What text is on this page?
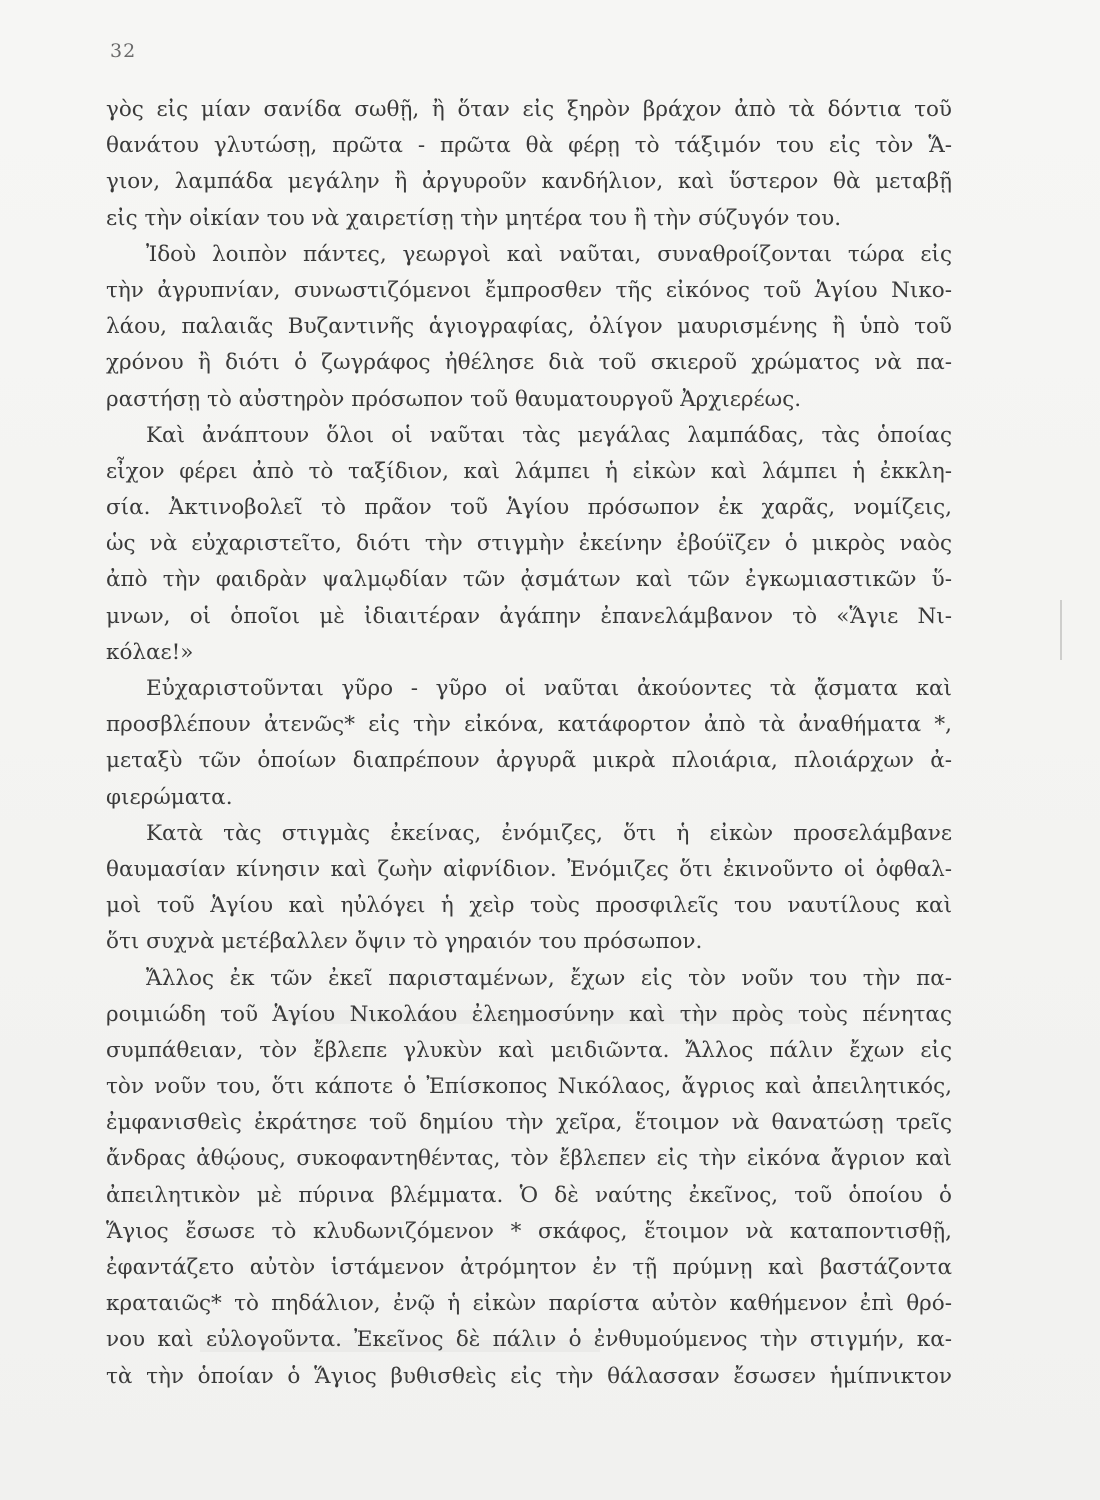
32
γὸς εἰς μίαν σανίδα σωθῇ, ἢ ὅταν εἰς ξηρὸν βράχον ἀπὸ τὰ δόντια τοῦ
θανάτου γλυτώσῃ, πρῶτα - πρῶτα θὰ φέρῃ τὸ τάξιμόν του εἰς τὸν Ἅ-
γιον, λαμπάδα μεγάλην ἢ ἀργυροῦν κανδήλιον, καὶ ὕστερον θὰ μεταβῇ
εἰς τὴν οἰκίαν του νὰ χαιρετίσῃ τὴν μητέρα του ἢ τὴν σύζυγόν του.
Ἰδοὺ λοιπὸν πάντες, γεωργοὶ καὶ ναῦται, συναθροίζονται τώρα εἰς
τὴν ἀγρυπνίαν, συνωστιζόμενοι ἔμπροσθεν τῆς εἰκόνος τοῦ Ἁγίου Νικο-
λάου, παλαιᾶς Βυζαντινῆς ἁγιογραφίας, ὀλίγον μαυρισμένης ἢ ὑπὸ τοῦ
χρόνου ἢ διότι ὁ ζωγράφος ἠθέλησε διὰ τοῦ σκιεροῦ χρώματος νὰ πα-
ραστήσῃ τὸ αὐστηρὸν πρόσωπον τοῦ θαυματουργοῦ Ἀρχιερέως.
Καὶ ἀνάπτουν ὅλοι οἱ ναῦται τὰς μεγάλας λαμπάδας, τὰς ὁποίας
εἶχον φέρει ἀπὸ τὸ ταξίδιον, καὶ λάμπει ἡ εἰκὼν καὶ λάμπει ἡ ἐκκλη-
σία. Ἀκτινοβολεῖ τὸ πρᾶον τοῦ Ἁγίου πρόσωπον ἐκ χαρᾶς, νομίζεις,
ὡς νὰ εὐχαριστεῖτο, διότι τὴν στιγμὴν ἐκείνην ἐβούϊζεν ὁ μικρὸς ναὸς
ἀπὸ τὴν φαιδρὰν ψαλμῳδίαν τῶν ᾀσμάτων καὶ τῶν ἐγκωμιαστικῶν ὕ-
μνων, οἱ ὁποῖοι μὲ ἰδιαιτέραν ἀγάπην ἐπανελάμβανον τὸ «Ἅγιε Νι-
κόλαε!»
Εὐχαριστοῦνται γῦρο - γῦρο οἱ ναῦται ἀκούοντες τὰ ᾄσματα καὶ
προσβλέπουν ἀτενῶς* εἰς τὴν εἰκόνα, κατάφορτον ἀπὸ τὰ ἀναθήματα *,
μεταξὺ τῶν ὁποίων διαπρέπουν ἀργυρᾶ μικρὰ πλοιάρια, πλοιάρχων ἀ-
φιερώματα.
Κατὰ τὰς στιγμὰς ἐκείνας, ἐνόμιζες, ὅτι ἡ εἰκὼν προσελάμβανε
θαυμασίαν κίνησιν καὶ ζωὴν αἰφνίδιον. Ἐνόμιζες ὅτι ἐκινοῦντο οἱ ὀφθαλ-
μοὶ τοῦ Ἁγίου καὶ ηὐλόγει ἡ χεὶρ τοὺς προσφιλεῖς του ναυτίλους καὶ
ὅτι συχνὰ μετέβαλλεν ὄψιν τὸ γηραιόν του πρόσωπον.
Ἄλλος ἐκ τῶν ἐκεῖ παρισταμένων, ἔχων εἰς τὸν νοῦν του τὴν πα-
ροιμιώδη τοῦ Ἁγίου Νικολάου ἐλεημοσύνην καὶ τὴν πρὸς τοὺς πένητας
συμπάθειαν, τὸν ἔβλεπε γλυκὺν καὶ μειδιῶντα. Ἄλλος πάλιν ἔχων εἰς
τὸν νοῦν του, ὅτι κάποτε ὁ Ἐπίσκοπος Νικόλαος, ἄγριος καὶ ἀπειλητικός,
ἐμφανισθεὶς ἐκράτησε τοῦ δημίου τὴν χεῖρα, ἕτοιμον νὰ θανατώσῃ τρεῖς
ἄνδρας ἀθῴους, συκοφαντηθέντας, τὸν ἔβλεπεν εἰς τὴν εἰκόνα ἄγριον καὶ
ἀπειλητικὸν μὲ πύρινα βλέμματα. Ὁ δὲ ναύτης ἐκεῖνος, τοῦ ὁποίου ὁ
Ἅγιος ἔσωσε τὸ κλυδωνιζόμενον * σκάφος, ἕτοιμον νὰ καταποντισθῇ,
ἐφαντάζετο αὐτὸν ἱστάμενον ἀτρόμητον ἐν τῇ πρύμνῃ καὶ βαστάζοντα
κραταιῶς* τὸ πηδάλιον, ἐνῷ ἡ εἰκὼν παρίστα αὐτὸν καθήμενον ἐπὶ θρό-
νου καὶ εὐλογοῦντα. Ἐκεῖνος δὲ πάλιν ὁ ἐνθυμούμενος τὴν στιγμήν, κα-
τὰ τὴν ὁποίαν ὁ Ἅγιος βυθισθεὶς εἰς τὴν θάλασσαν ἔσωσεν ἡμίπνικτον
